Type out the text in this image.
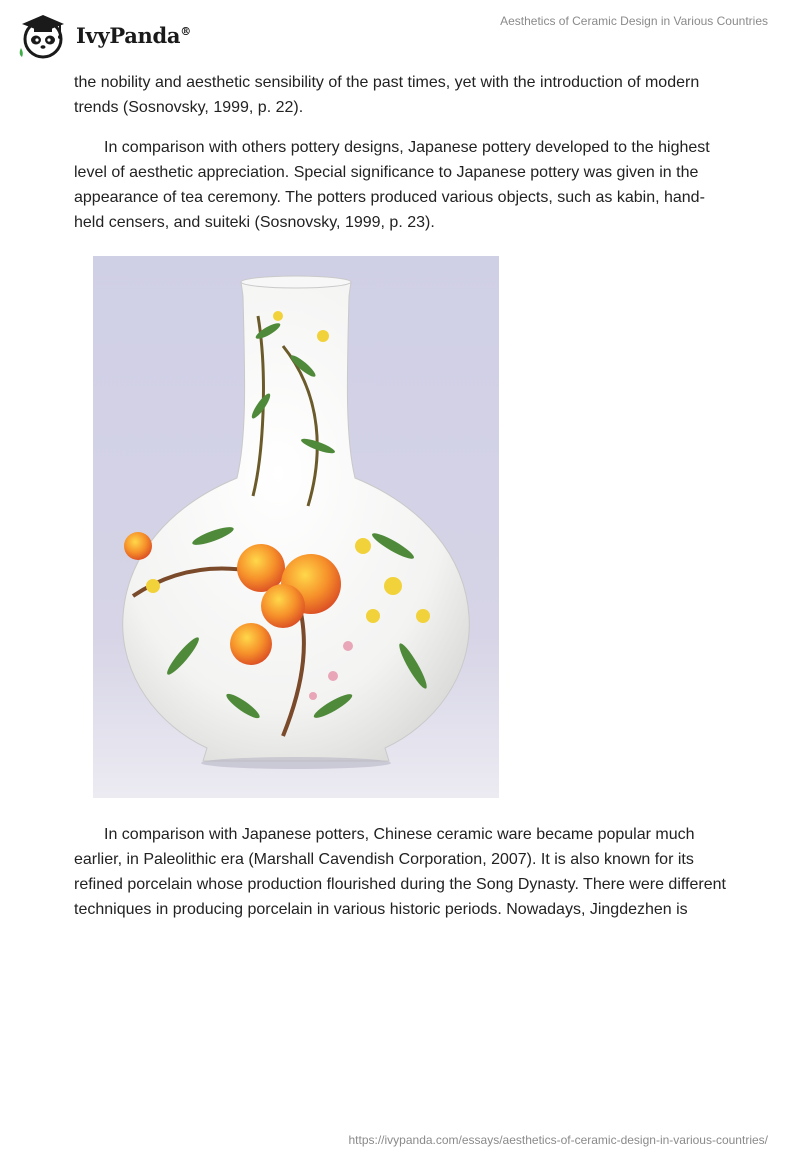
IvyPanda®
Aesthetics of Ceramic Design in Various Countries

the nobility and aesthetic sensibility of the past times, yet with the introduction of modern trends (Sosnovsky, 1999, p. 22).

In comparison with others pottery designs, Japanese pottery developed to the highest level of aesthetic appreciation. Special significance to Japanese pottery was given in the appearance of tea ceremony. The potters produced various objects, such as kabin, hand-held censers, and suiteki (Sosnovsky, 1999, p. 23).

In comparison with Japanese potters, Chinese ceramic ware became popular much earlier, in Paleolithic era (Marshall Cavendish Corporation, 2007). It is also known for its refined porcelain whose production flourished during the Song Dynasty. There were different techniques in producing porcelain in various historic periods. Nowadays, Jingdezhen is

https://ivypanda.com/essays/aesthetics-of-ceramic-design-in-various-countries/
